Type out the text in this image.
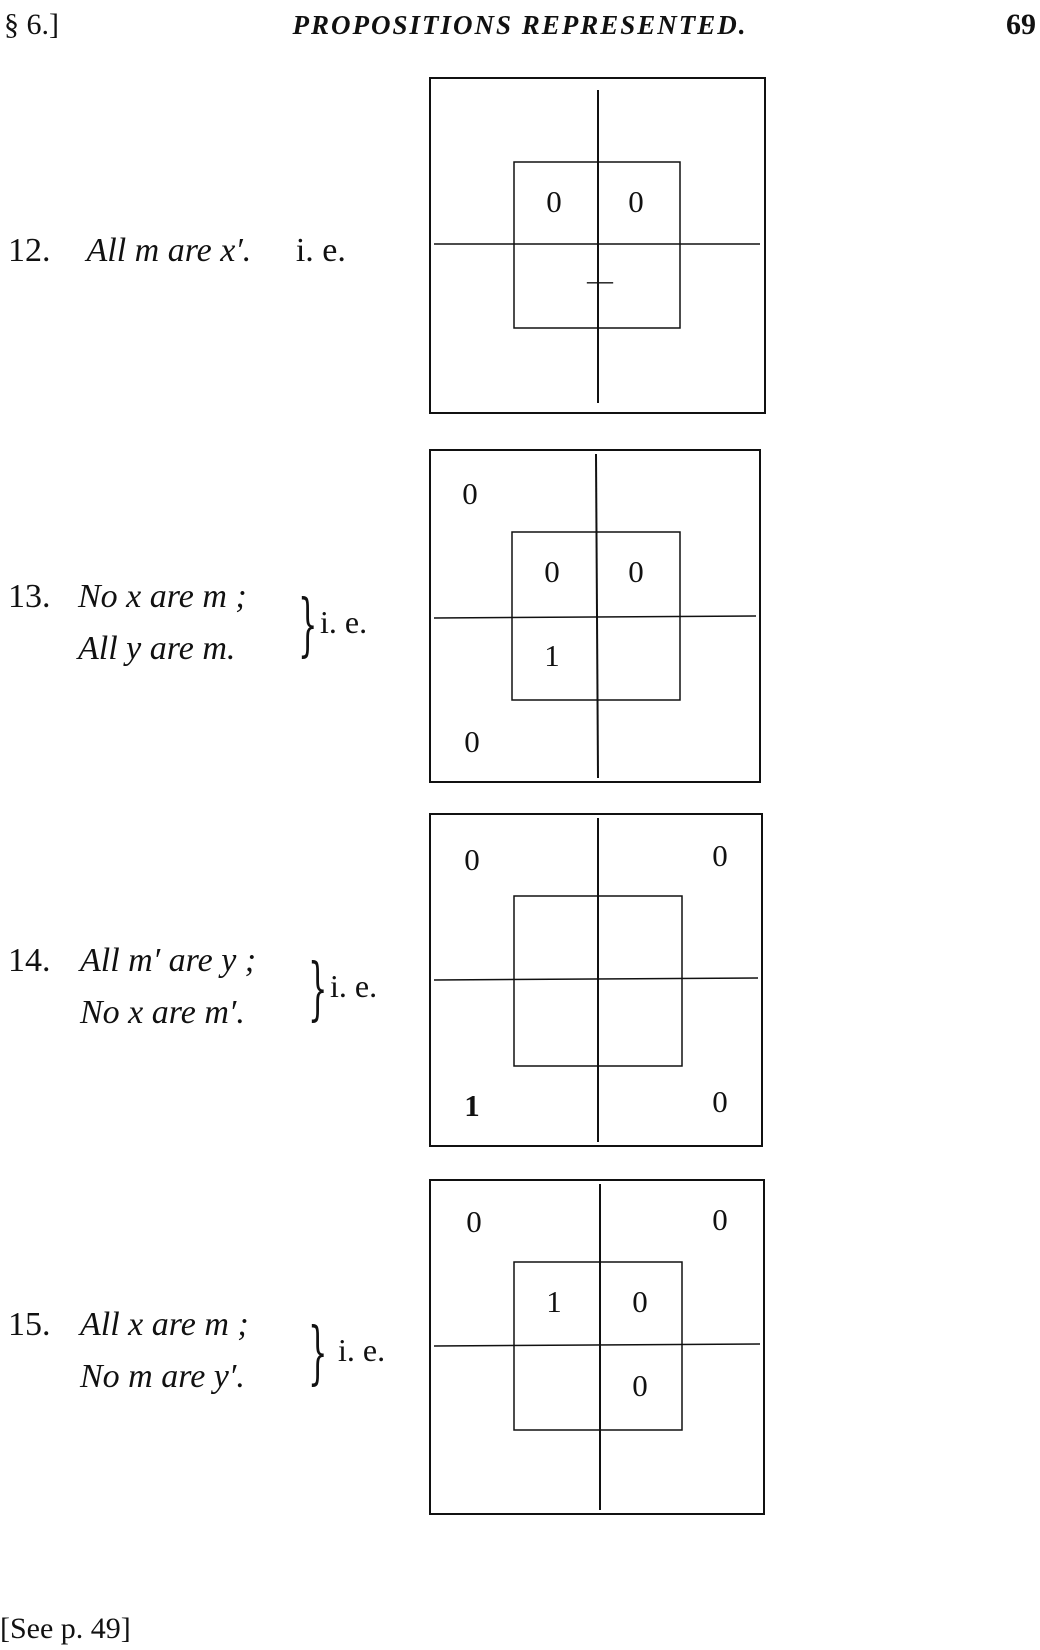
§ 6.]	PROPOSITIONS REPRESENTED.	69
12. All m are x′. i. e.
13. No x are m ;
All y are m. } i. e.
14. All m′ are y ;
No x are m′. } i. e.
15. All x are m ;
No m are y′. } i. e.
0	0
—
0
0
0	0
1
0	0
1	0
0	0
1	0
0
[See p. 49]
